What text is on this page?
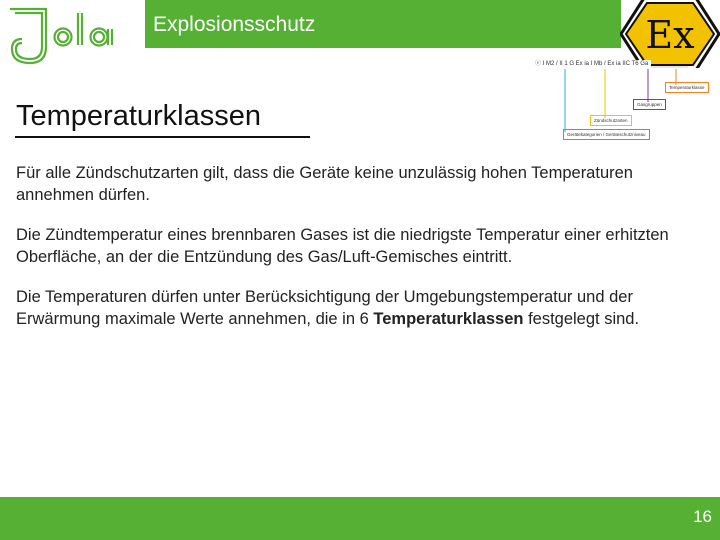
Explosionsschutz	Ex
ⓔ I M2 / II 1 G Ex ia I Mb / Ex ia IIC T6 Ga
Temperaturklasse
Gasgruppen
Zündschutzarten
Gerätekategorien / Geräteschutzniveau
Temperaturklassen

Für alle Zündschutzarten gilt, dass die Geräte keine unzulässig hohen Temperaturen annehmen dürfen.

Die Zündtemperatur eines brennbaren Gases ist die niedrigste Temperatur einer erhitzten Oberfläche, an der die Entzündung des Gas/Luft-Gemisches eintritt.

Die Temperaturen dürfen unter Berücksichtigung der Umgebungstemperatur und der Erwärmung maximale Werte annehmen, die in 6 Temperaturklassen festgelegt sind.

16
